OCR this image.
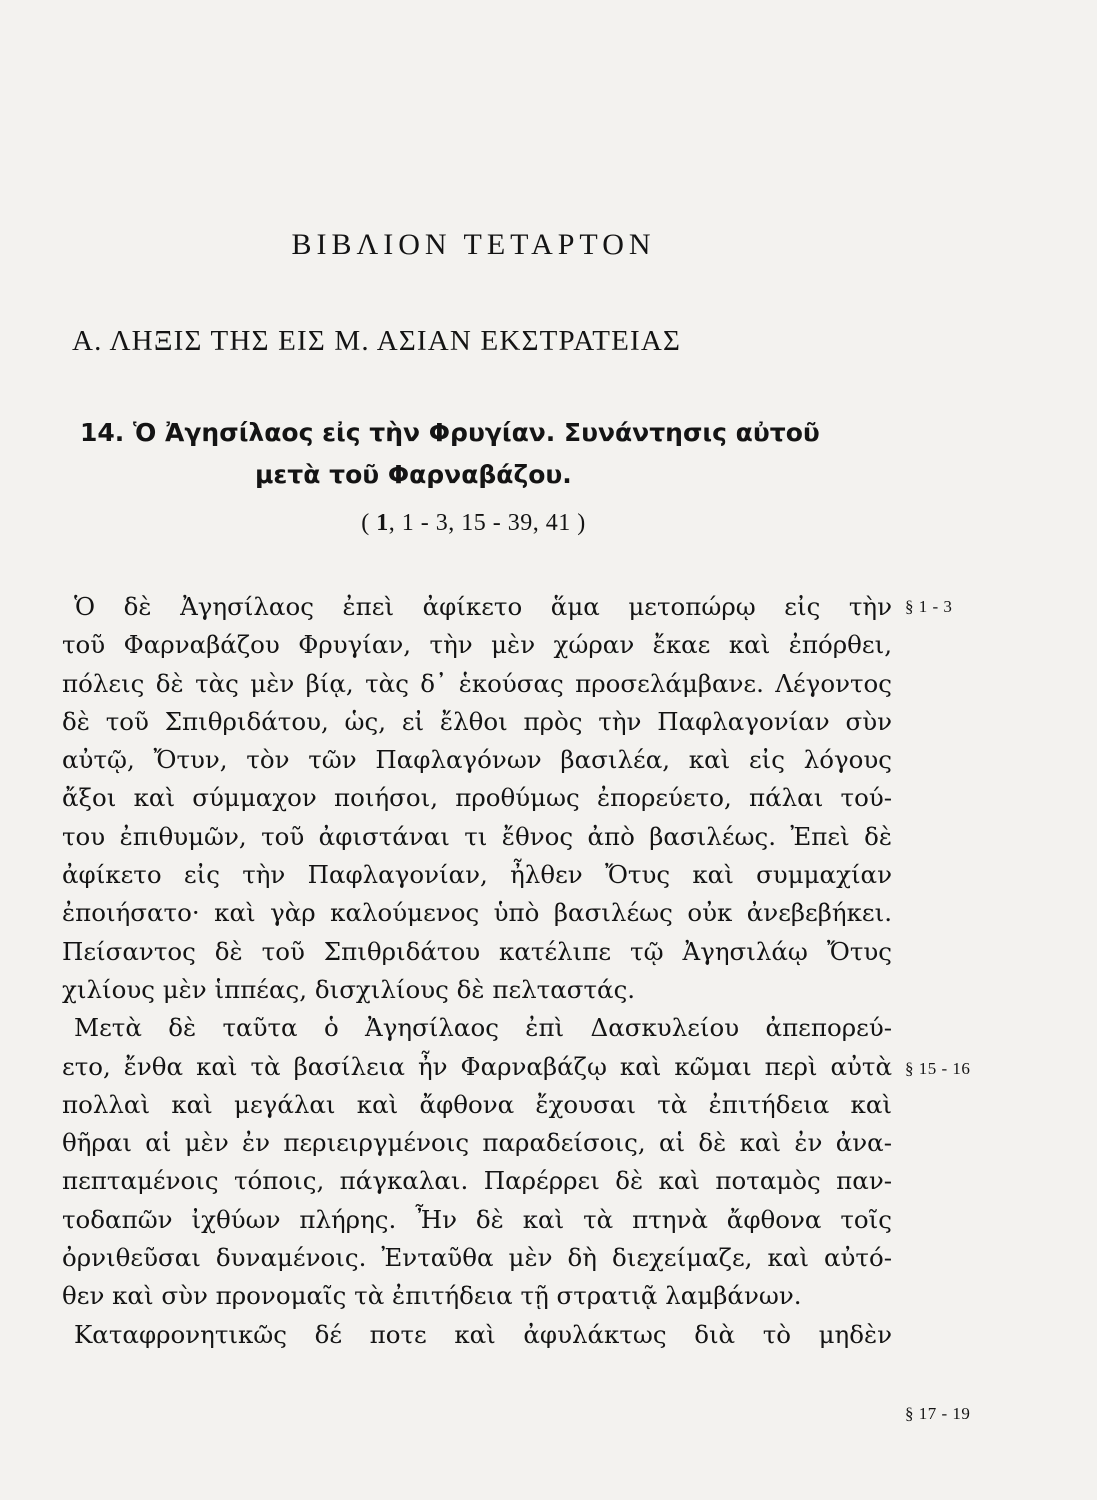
ΒΙΒΛΙΟΝ ΤΕΤΑΡΤΟΝ
Α. ΛΗΞΙΣ ΤΗΣ ΕΙΣ Μ. ΑΣΙΑΝ ΕΚΣΤΡΑΤΕΙΑΣ
14. Ὁ Ἀγησίλαος εἰς τὴν Φρυγίαν. Συνάντησις αὐτοῦ
μετὰ τοῦ Φαρναβάζου.
( 1, 1 - 3, 15 - 39, 41 )
Ὁ δὲ Ἀγησίλαος ἐπεὶ ἀφίκετο ἅμα μετοπώρῳ εἰς τὴν
τοῦ Φαρναβάζου Φρυγίαν, τὴν μὲν χώραν ἔκαε καὶ ἐπόρθει,
πόλεις δὲ τὰς μὲν βίᾳ, τὰς δ᾽ ἑκούσας προσελάμβανε. Λέγοντος
δὲ τοῦ Σπιθριδάτου, ὡς, εἰ ἔλθοι πρὸς τὴν Παφλαγονίαν σὺν
αὐτῷ, Ὄτυν, τὸν τῶν Παφλαγόνων βασιλέα, καὶ εἰς λόγους
ἄξοι καὶ σύμμαχον ποιήσοι, προθύμως ἐπορεύετο, πάλαι τού-
του ἐπιθυμῶν, τοῦ ἀφιστάναι τι ἔθνος ἀπὸ βασιλέως. Ἐπεὶ δὲ
ἀφίκετο εἰς τὴν Παφλαγονίαν, ἦλθεν Ὄτυς καὶ συμμαχίαν
ἐποιήσατο· καὶ γὰρ καλούμενος ὑπὸ βασιλέως οὐκ ἀνεβεβήκει.
Πείσαντος δὲ τοῦ Σπιθριδάτου κατέλιπε τῷ Ἀγησιλάῳ Ὄτυς
χιλίους μὲν ἱππέας, δισχιλίους δὲ πελταστάς.
Μετὰ δὲ ταῦτα ὁ Ἀγησίλαος ἐπὶ Δασκυλείου ἀπεπορεύ-
ετο, ἔνθα καὶ τὰ βασίλεια ἦν Φαρναβάζῳ καὶ κῶμαι περὶ αὐτὰ
πολλαὶ καὶ μεγάλαι καὶ ἄφθονα ἔχουσαι τὰ ἐπιτήδεια καὶ
θῆραι αἱ μὲν ἐν περιειργμένοις παραδείσοις, αἱ δὲ καὶ ἐν ἀνα-
πεπταμένοις τόποις, πάγκαλαι. Παρέρρει δὲ καὶ ποταμὸς παν-
τοδαπῶν ἰχθύων πλήρης. Ἦν δὲ καὶ τὰ πτηνὰ ἄφθονα τοῖς
ὀρνιθεῦσαι δυναμένοις. Ἐνταῦθα μὲν δὴ διεχείμαζε, καὶ αὐτό-
θεν καὶ σὺν προνομαῖς τὰ ἐπιτήδεια τῇ στρατιᾷ λαμβάνων.
Καταφρονητικῶς δέ ποτε καὶ ἀφυλάκτως διὰ τὸ μηδὲν
§ 1 - 3
§ 15 - 16
§ 17 - 19
